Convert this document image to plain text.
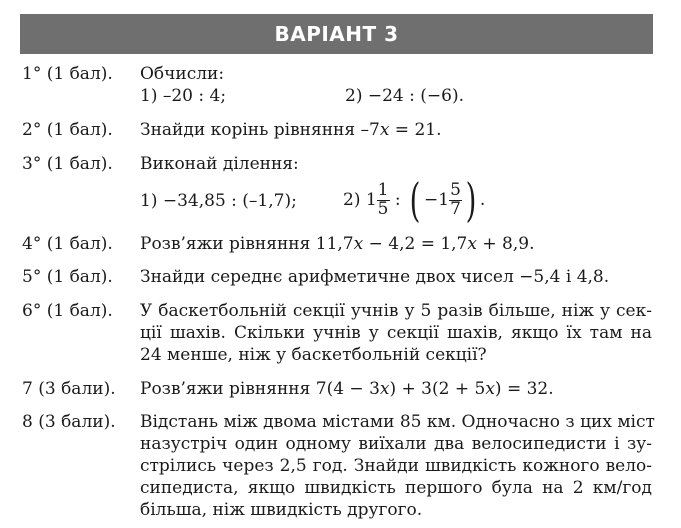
ВАРІАНТ 3
1° (1 бал). Обчисли:
1) –20 : 4;	2) −24 : (−6).
2° (1 бал). Знайди корінь рівняння –7x = 21.
3° (1 бал). Виконай ділення:
1) −34,85 : (–1,7);	2) $1 \frac{1}{5}$ : ( $-1 \frac{5}{7}$ ) .
4° (1 бал). Розв’яжи рівняння 11,7x − 4,2 = 1,7x + 8,9.
5° (1 бал). Знайди середнє арифметичне двох чисел −5,4 і 4,8.
6° (1 бал). У баскетбольній секції учнів у 5 разів більше, ніж у сек-
ції шахів. Скільки учнів у секції шахів, якщо їх там на
24 менше, ніж у баскетбольній секції?
7 (3 бали). Розв’яжи рівняння 7(4 − 3x) + 3(2 + 5x) = 32.
8 (3 бали). Відстань між двома містами 85 км. Одночасно з цих міст
назустріч один одному виїхали два велосипедисти і зу-
стрілись через 2,5 год. Знайди швидкість кожного вело-
сипедиста, якщо швидкість першого була на 2 км/год
більша, ніж швидкість другого.
